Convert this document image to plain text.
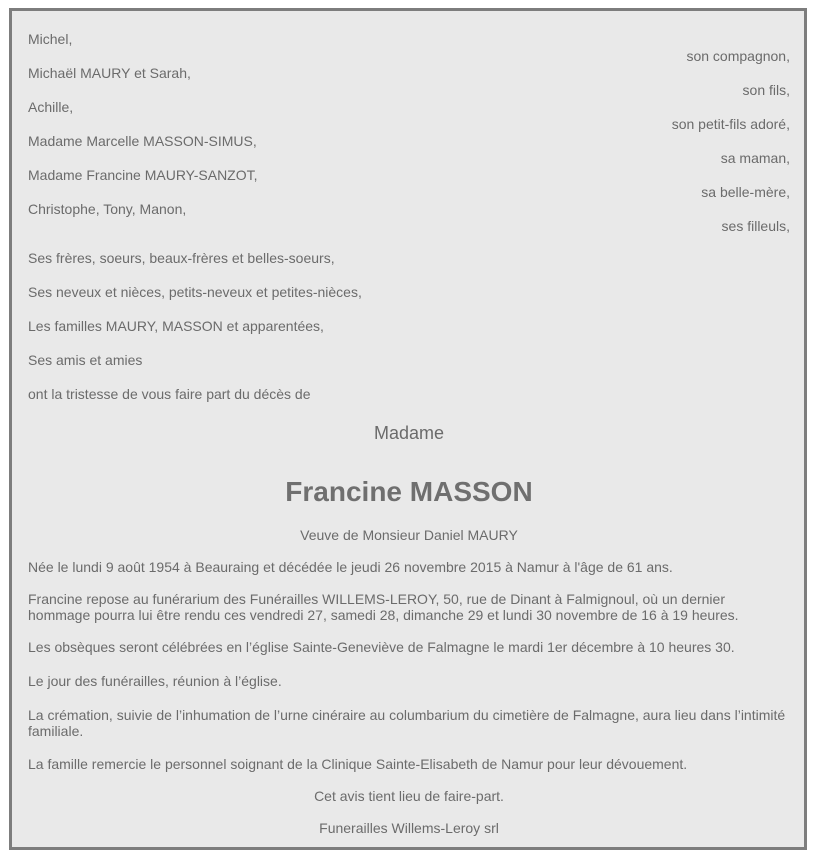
Michel,
son compagnon,
Michaël MAURY et Sarah,
son fils,
Achille,
son petit-fils adoré,
Madame Marcelle MASSON-SIMUS,
sa maman,
Madame Francine MAURY-SANZOT,
sa belle-mère,
Christophe, Tony, Manon,
ses filleuls,
Ses frères, soeurs, beaux-frères et belles-soeurs,
Ses neveux et nièces, petits-neveux et petites-nièces,
Les familles MAURY, MASSON et apparentées,
Ses amis et amies
ont la tristesse de vous faire part du décès de
Madame
Francine MASSON
Veuve de Monsieur Daniel MAURY
Née le lundi 9 août 1954 à Beauraing et décédée le jeudi 26 novembre 2015 à Namur à l'âge de 61 ans.
Francine repose au funérarium des Funérailles WILLEMS-LEROY, 50, rue de Dinant à Falmignoul, où un dernier hommage pourra lui être rendu ces vendredi 27, samedi 28, dimanche 29 et lundi 30 novembre de 16 à 19 heures.
Les obsèques seront célébrées en l’église Sainte-Geneviève de Falmagne le mardi 1er décembre à 10 heures 30.
Le jour des funérailles, réunion à l’église.
La crémation, suivie de l’inhumation de l’urne cinéraire au columbarium du cimetière de Falmagne, aura lieu dans l’intimité familiale.
La famille remercie le personnel soignant de la Clinique Sainte-Elisabeth de Namur pour leur dévouement.
Cet avis tient lieu de faire-part.
Funerailles Willems-Leroy srl
